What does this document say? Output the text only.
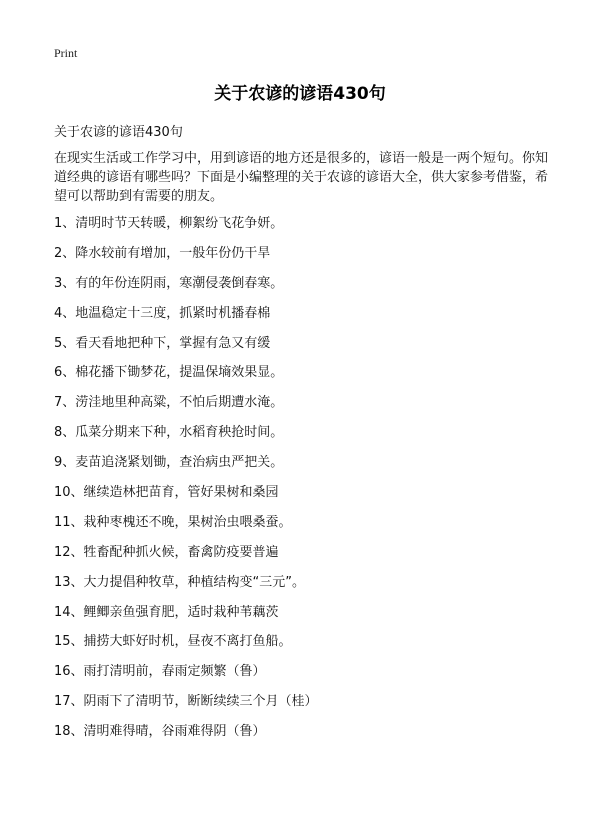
Print
关于农谚的谚语430句
关于农谚的谚语430句

在现实生活或工作学习中，用到谚语的地方还是很多的，谚语一般是一两个短句。你知道经典的谚语有哪些吗？下面是小编整理的关于农谚的谚语大全，供大家参考借鉴，希望可以帮助到有需要的朋友。

1、清明时节天转暖，柳絮纷飞花争妍。
2、降水较前有增加，一般年份仍干旱
3、有的年份连阴雨，寒潮侵袭倒春寒。
4、地温稳定十三度，抓紧时机播春棉
5、看天看地把种下，掌握有急又有缓
6、棉花播下锄梦花，提温保墒效果显。
7、涝洼地里种高粱，不怕后期遭水淹。
8、瓜菜分期来下种，水稻育秧抢时间。
9、麦苗追浇紧划锄，查治病虫严把关。
10、继续造林把苗育，管好果树和桑园
11、栽种枣槐还不晚，果树治虫喂桑蚕。
12、牲畜配种抓火候，畜禽防疫要普遍
13、大力提倡种牧草，种植结构变“三元”。
14、鲤鲫亲鱼强育肥，适时栽种苇藕茨
15、捕捞大虾好时机，昼夜不离打鱼船。
16、雨打清明前，春雨定频繁（鲁）
17、阴雨下了清明节，断断续续三个月（桂）
18、清明难得晴，谷雨难得阴（鲁）
